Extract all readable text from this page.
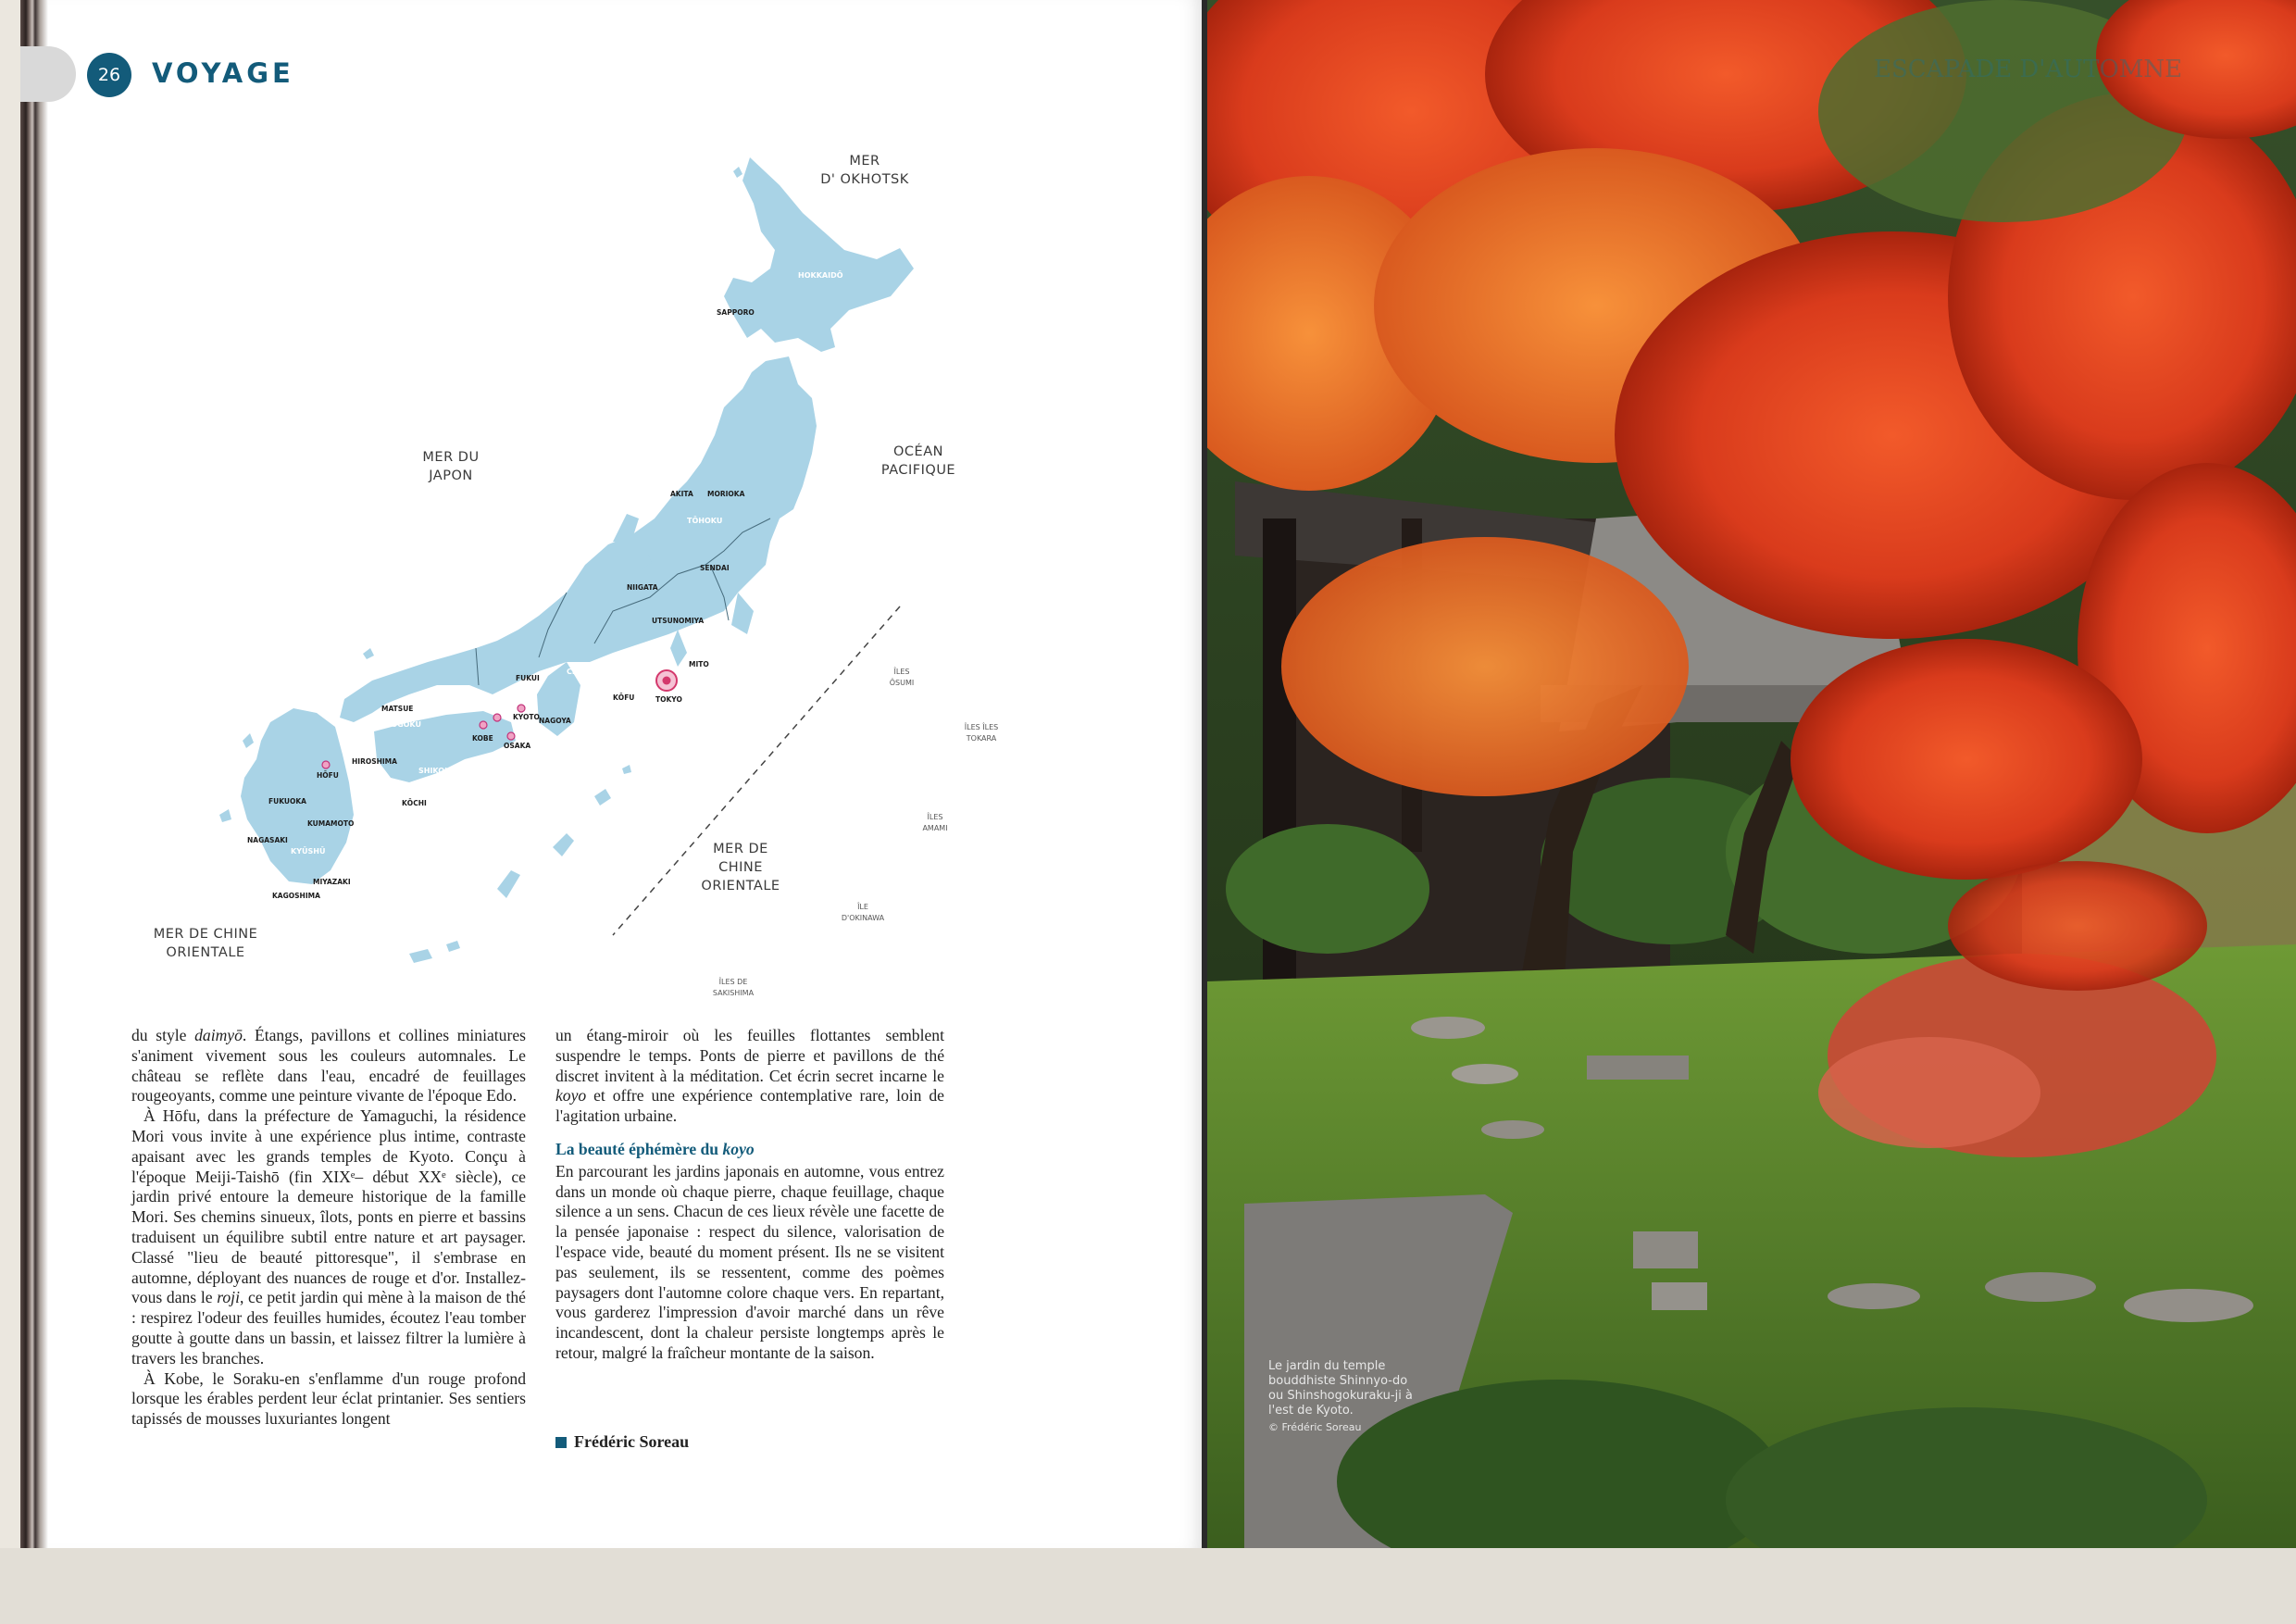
26	VOYAGE
MER
D' OKHOTSK
MER DU
JAPON
OCÉAN
PACIFIQUE
MER DE
CHINE
ORIENTALE
MER DE CHINE
ORIENTALE
ÎLES
ÔSUMI
ÎLES ÎLES
TOKARA
ÎLES
AMAMI
ÎLE
D'OKINAWA
ÎLES DE
SAKISHIMA
HOKKAIDŌ
TŌHOKU
KANTŌ
CHŪBU
KANSAI
CHŪGOKU
SHIKOKU
KYŪSHŪ
SAPPORO
AKITA MORIOKA
SENDAI
NIIGATA
UTSUNOMIYA
MITO
TOKYO
KŌFU
NAGOYA
FUKUI
KOBE
OSAKA
KYOTO
MATSUE
HIROSHIMA
HŌFU
KŌCHI
FUKUOKA
KUMAMOTO
NAGASAKI
MIYAZAKI
KAGOSHIMA

du style daimyō. Étangs, pavillons et collines miniatures s'animent vivement sous les couleurs automnales. Le château se reflète dans l'eau, encadré de feuillages rougeoyants, comme une peinture vivante de l'époque Edo.

À Hōfu, dans la préfecture de Yamaguchi, la résidence Mori vous invite à une expérience plus intime, contraste apaisant avec les grands temples de Kyoto. Conçu à l'époque Meiji-Taishō (fin XIXᵉ– début XXᵉ siècle), ce jardin privé entoure la demeure historique de la famille Mori. Ses chemins sinueux, îlots, ponts en pierre et bassins traduisent un équilibre subtil entre nature et art paysager. Classé "lieu de beauté pittoresque", il s'embrase en automne, déployant des nuances de rouge et d'or. Installez-vous dans le roji, ce petit jardin qui mène à la maison de thé : respirez l'odeur des feuilles humides, écoutez l'eau tomber goutte à goutte dans un bassin, et laissez filtrer la lumière à travers les branches.

À Kobe, le Soraku-en s'enflamme d'un rouge profond lorsque les érables perdent leur éclat printanier. Ses sentiers tapissés de mousses luxuriantes longent

un étang-miroir où les feuilles flottantes semblent suspendre le temps. Ponts de pierre et pavillons de thé discret invitent à la méditation. Cet écrin secret incarne le koyo et offre une expérience contemplative rare, loin de l'agitation urbaine.

La beauté éphémère du koyo

En parcourant les jardins japonais en automne, vous entrez dans un monde où chaque pierre, chaque feuillage, chaque silence a un sens. Chacun de ces lieux révèle une facette de la pensée japonaise : respect du silence, valorisation de l'espace vide, beauté du moment présent. Ils ne se visitent pas seulement, ils se ressentent, comme des poèmes paysagers dont l'automne colore chaque vers. En repartant, vous garderez l'impression d'avoir marché dans un rêve incandescent, dont la chaleur persiste longtemps après le retour, malgré la fraîcheur montante de la saison.

Frédéric Soreau
ESCAPADE D'AUTOMNE
Le jardin du temple bouddhiste Shinnyo-do ou Shinshogokuraku-ji à l'est de Kyoto.
© Frédéric Soreau
